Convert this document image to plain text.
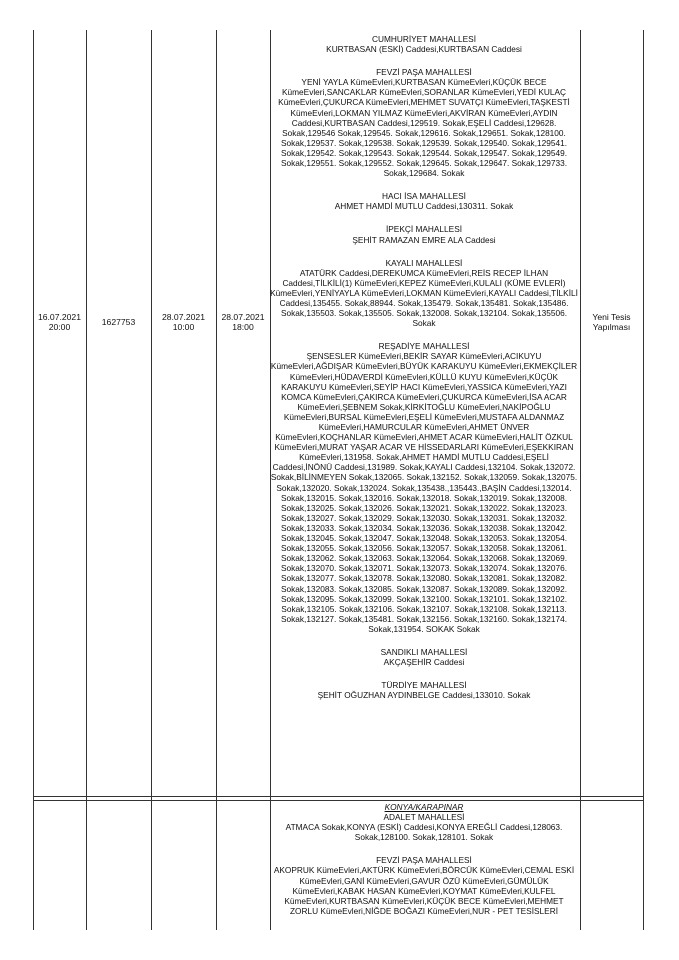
16.07.2021
20:00
1627753	28.07.2021
10:00
28.07.2021
18:00
Yeni Tesis
Yapılması
CUMHURİYET MAHALLESİ

KURTBASAN (ESKİ) Caddesi,KURTBASAN Caddesi

FEVZİ PAŞA MAHALLESİ

YENİ YAYLA KümeEvleri,KURTBASAN KümeEvleri,KÜÇÜK BECE KümeEvleri,SANCAKLAR KümeEvleri,SORANLAR KümeEvleri,YEDİ KULAÇ KümeEvleri,ÇUKURCA KümeEvleri,MEHMET SUVATÇI KümeEvleri,TAŞKESTİ KümeEvleri,LOKMAN YILMAZ KümeEvleri,AKVİRAN KümeEvleri,AYDIN Caddesi,KURTBASAN Caddesi,129519. Sokak,EŞELİ Caddesi,129628. Sokak,129546 Sokak,129545. Sokak,129616. Sokak,129651. Sokak,128100. Sokak,129537. Sokak,129538. Sokak,129539. Sokak,129540. Sokak,129541. Sokak,129542. Sokak,129543. Sokak,129544. Sokak,129547. Sokak,129549. Sokak,129551. Sokak,129552. Sokak,129645. Sokak,129647. Sokak,129733. Sokak,129684. Sokak

HACI İSA MAHALLESİ

AHMET HAMDİ MUTLU Caddesi,130311. Sokak

İPEKÇİ MAHALLESİ

ŞEHİT RAMAZAN EMRE ALA Caddesi

KAYALI MAHALLESİ

ATATÜRK Caddesi,DEREKUMCA KümeEvleri,REİS RECEP İLHAN Caddesi,TİLKİLİ(1) KümeEvleri,KEPEZ KümeEvleri,KULALI (KÜME EVLERİ) KümeEvleri,YENİYAYLA KümeEvleri,LOKMAN KümeEvleri,KAYALI Caddesi,TİLKİLİ Caddesi,135455. Sokak,88944. Sokak,135479. Sokak,135481. Sokak,135486. Sokak,135503. Sokak,135505. Sokak,132008. Sokak,132104. Sokak,135506. Sokak

REŞADİYE MAHALLESİ

ŞENSESLER KümeEvleri,BEKİR SAYAR KümeEvleri,ACIKUYU KümeEvleri,AĞDIŞAR KümeEvleri,BÜYÜK KARAKUYU KümeEvleri,EKMEKÇİLER KümeEvleri,HÜDAVERDİ KümeEvleri,KÜLLÜ KUYU KümeEvleri,KÜÇÜK KARAKUYU KümeEvleri,SEYİP HACI KümeEvleri,YASSICA KümeEvleri,YAZI KOMCA KümeEvleri,ÇAKIRCA KümeEvleri,ÇUKURCA KümeEvleri,İSA ACAR KümeEvleri,ŞEBNEM Sokak,KİRKİTOĞLU KümeEvleri,NAKİPOĞLU KümeEvleri,BURSAL KümeEvleri,EŞELİ KümeEvleri,MUSTAFA ALDANMAZ KümeEvleri,HAMURCULAR KümeEvleri,AHMET ÜNVER KümeEvleri,KOÇHANLAR KümeEvleri,AHMET ACAR KümeEvleri,HALİT ÖZKUL KümeEvleri,MURAT YAŞAR ACAR VE HİSSEDARLARI KümeEvleri,EŞEKKIRAN KümeEvleri,131958. Sokak,AHMET HAMDİ MUTLU Caddesi,EŞELİ Caddesi,İNÖNÜ Caddesi,131989. Sokak,KAYALI Caddesi,132104. Sokak,132072. Sokak,BİLİNMEYEN Sokak,132065. Sokak,132152. Sokak,132059. Sokak,132075. Sokak,132020. Sokak,132024. Sokak,135438.,135443.,BAŞİN Caddesi,132014. Sokak,132015. Sokak,132016. Sokak,132018. Sokak,132019. Sokak,132008. Sokak,132025. Sokak,132026. Sokak,132021. Sokak,132022. Sokak,132023. Sokak,132027. Sokak,132029. Sokak,132030. Sokak,132031. Sokak,132032. Sokak,132033. Sokak,132034. Sokak,132036. Sokak,132038. Sokak,132042. Sokak,132045. Sokak,132047. Sokak,132048. Sokak,132053. Sokak,132054. Sokak,132055. Sokak,132056. Sokak,132057. Sokak,132058. Sokak,132061. Sokak,132062. Sokak,132063. Sokak,132064. Sokak,132068. Sokak,132069. Sokak,132070. Sokak,132071. Sokak,132073. Sokak,132074. Sokak,132076. Sokak,132077. Sokak,132078. Sokak,132080. Sokak,132081. Sokak,132082. Sokak,132083. Sokak,132085. Sokak,132087. Sokak,132089. Sokak,132092. Sokak,132095. Sokak,132099. Sokak,132100. Sokak,132101. Sokak,132102. Sokak,132105. Sokak,132106. Sokak,132107. Sokak,132108. Sokak,132113. Sokak,132127. Sokak,135481. Sokak,132156. Sokak,132160. Sokak,132174. Sokak,131954. SOKAK Sokak

SANDIKLI MAHALLESİ

AKÇAŞEHİR Caddesi

TÜRDİYE MAHALLESİ

ŞEHİT OĞUZHAN AYDINBELGE Caddesi,133010. Sokak

KONYA/KARAPINAR
ADALET MAHALLESİ

ATMACA Sokak,KONYA (ESKİ) Caddesi,KONYA EREĞLİ Caddesi,128063. Sokak,128100. Sokak,128101. Sokak

FEVZİ PAŞA MAHALLESİ

AKOPRUK KümeEvleri,AKTÜRK KümeEvleri,BÖRCÜK KümeEvleri,CEMAL ESKİ KümeEvleri,GANİ KümeEvleri,GAVUR ÖZÜ KümeEvleri,GÜMÜLÜK KümeEvleri,KABAK HASAN KümeEvleri,KOYMAT KümeEvleri,KULFEL KümeEvleri,KURTBASAN KümeEvleri,KÜÇÜK BECE KümeEvleri,MEHMET ZORLU KümeEvleri,NİĞDE BOĞAZI KümeEvleri,NUR - PET TESİSLERİ
